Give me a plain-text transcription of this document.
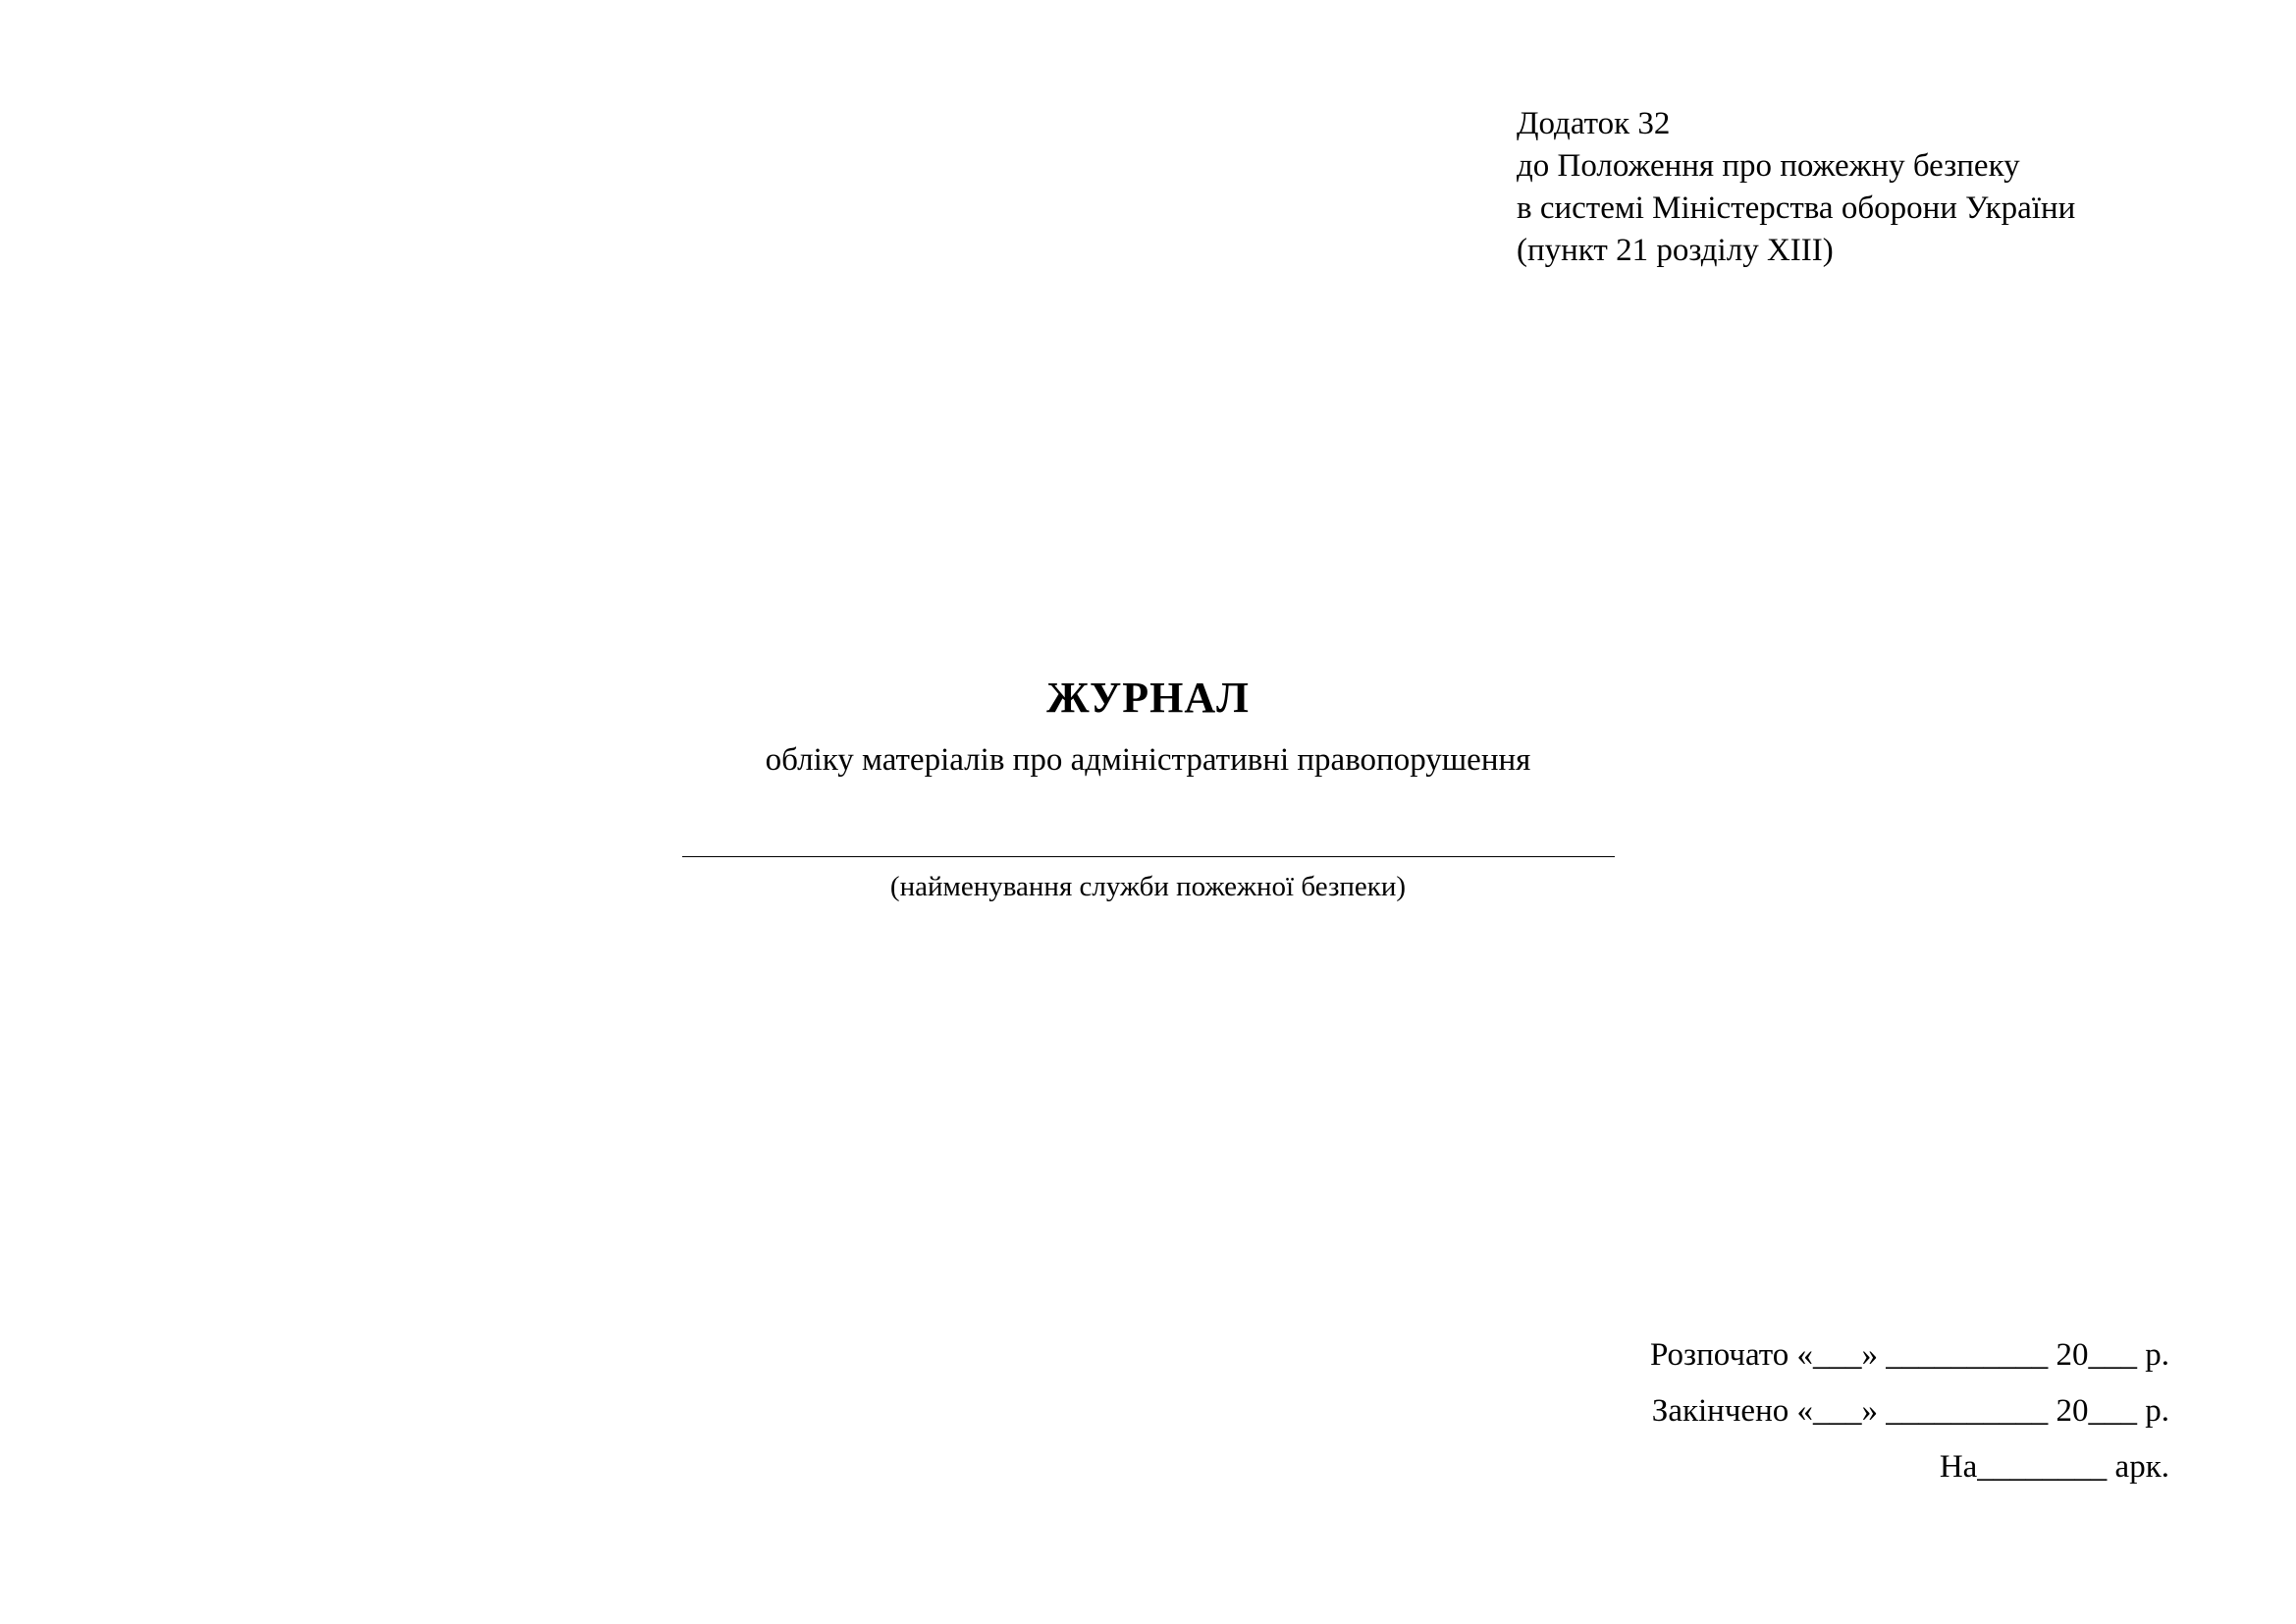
Додаток 32
до Положення про пожежну безпеку
в системі Міністерства оборони України
(пункт 21 розділу XIII)
ЖУРНАЛ
обліку матеріалів про адміністративні правопорушення
(найменування служби пожежної безпеки)
Розпочато «___» __________ 20___ р.
Закінчено «___» __________ 20___ р.
На________ арк.
